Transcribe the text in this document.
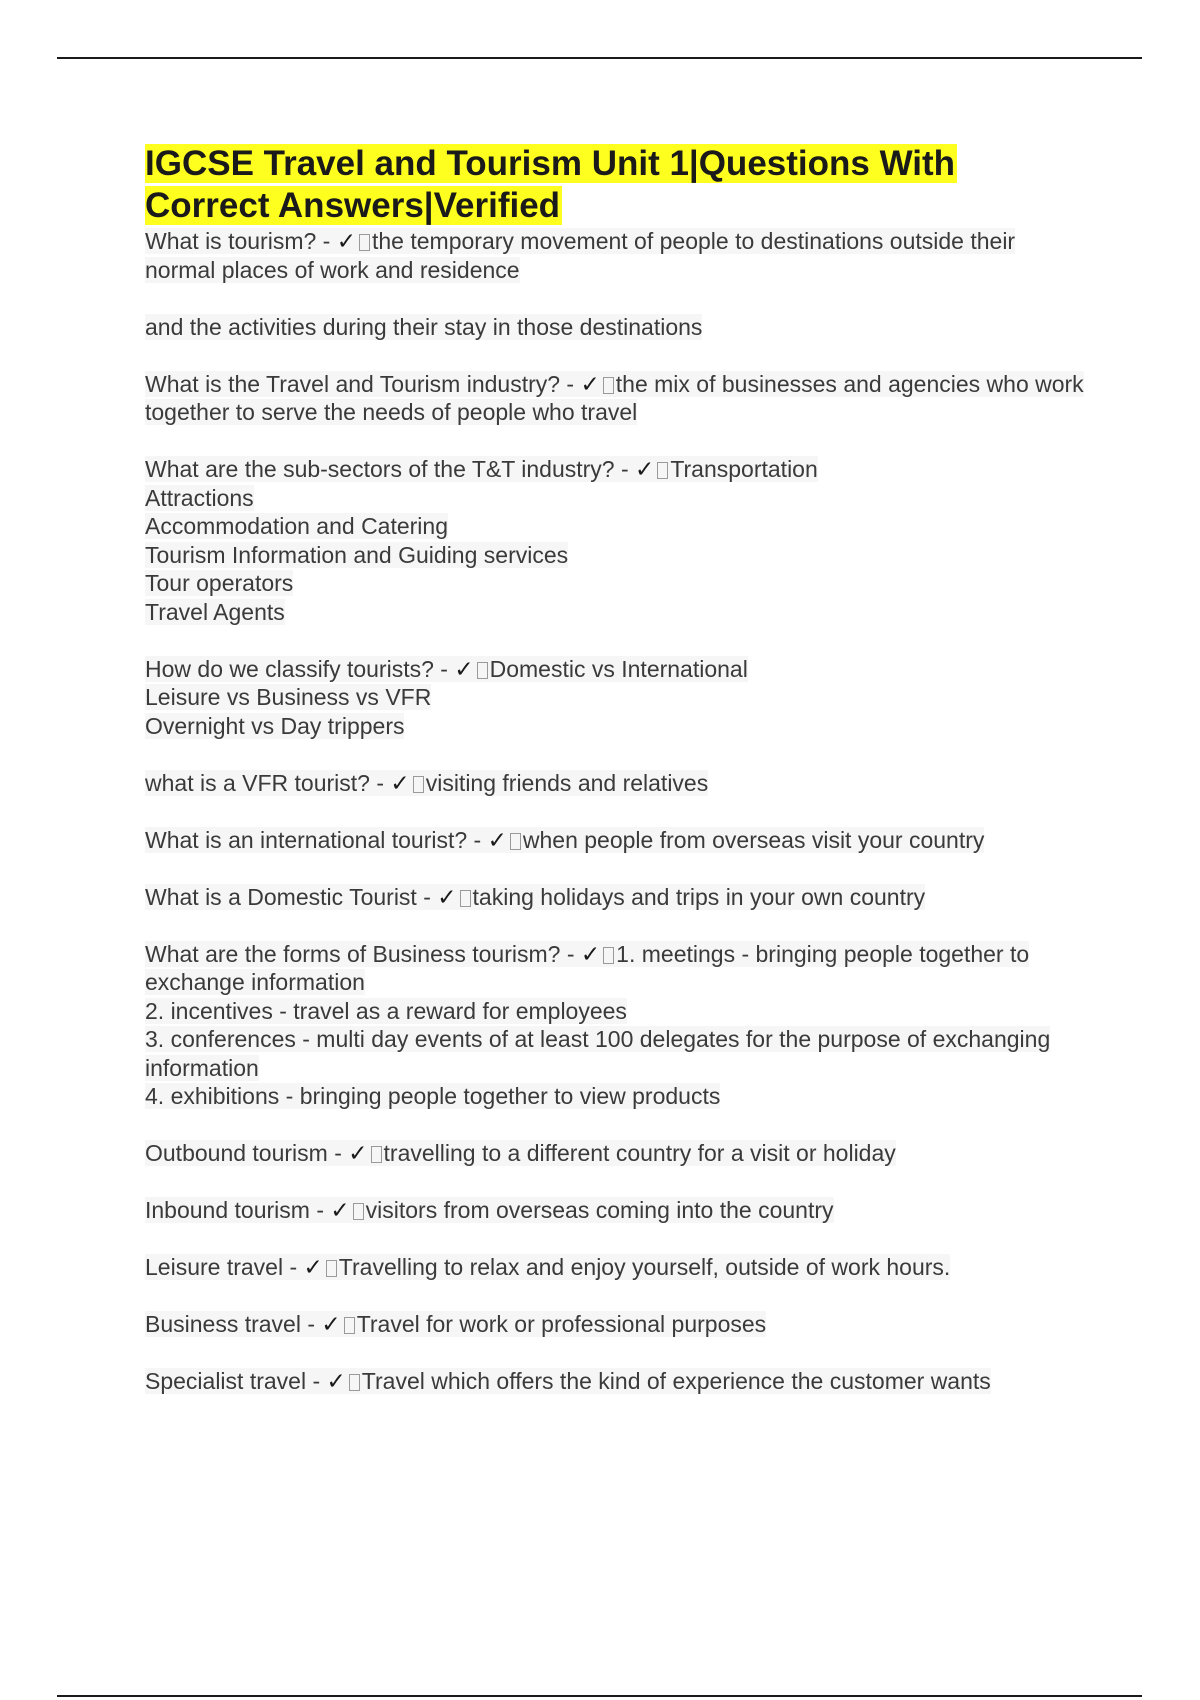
IGCSE Travel and Tourism Unit 1|Questions With
Correct Answers|Verified
What is tourism? - ✓ the temporary movement of people to destinations outside their normal places of work and residence
and the activities during their stay in those destinations
What is the Travel and Tourism industry? - ✓ the mix of businesses and agencies who work together to serve the needs of people who travel
What are the sub-sectors of the T&T industry? - ✓ Transportation
Attractions
Accommodation and Catering
Tourism Information and Guiding services
Tour operators
Travel Agents
How do we classify tourists? - ✓ Domestic vs International
Leisure vs Business vs VFR
Overnight vs Day trippers
what is a VFR tourist? - ✓ visiting friends and relatives
What is an international tourist? - ✓ when people from overseas visit your country
What is a Domestic Tourist - ✓ taking holidays and trips in your own country
What are the forms of Business tourism? - ✓ 1. meetings - bringing people together to exchange information
2. incentives - travel as a reward for employees
3. conferences - multi day events of at least 100 delegates for the purpose of exchanging information
4. exhibitions - bringing people together to view products
Outbound tourism - ✓ travelling to a different country for a visit or holiday
Inbound tourism - ✓ visitors from overseas coming into the country
Leisure travel - ✓ Travelling to relax and enjoy yourself, outside of work hours.
Business travel - ✓ Travel for work or professional purposes
Specialist travel - ✓ Travel which offers the kind of experience the customer wants
